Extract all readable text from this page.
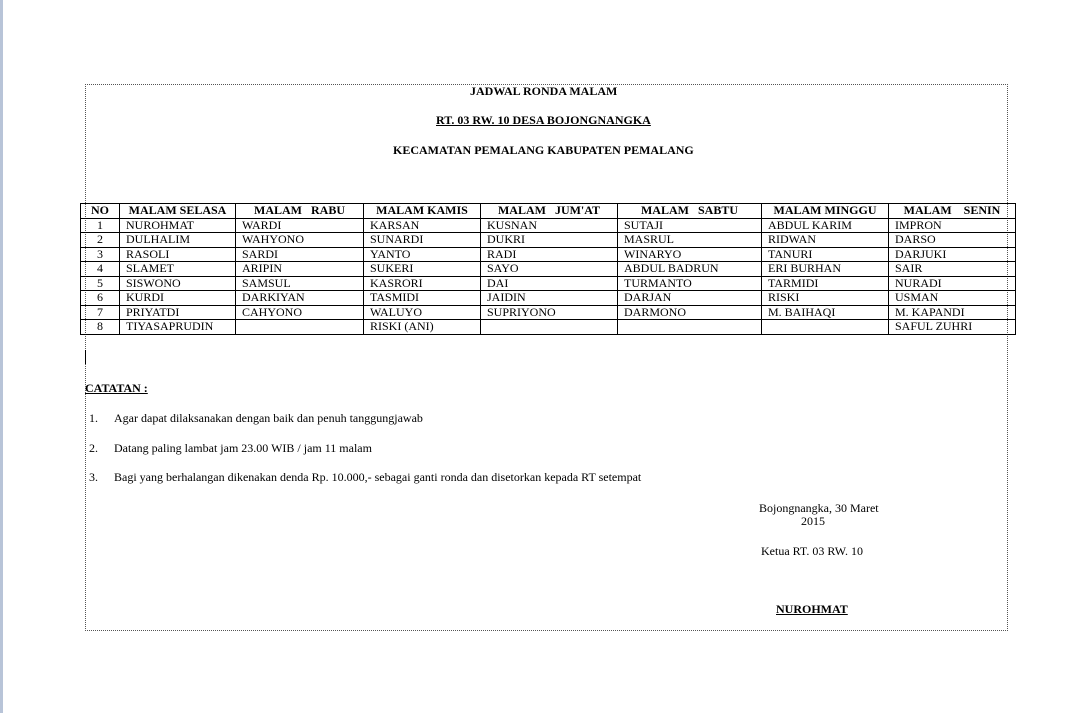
JADWAL RONDA MALAM
RT. 03 RW. 10 DESA BOJONGNANGKA
KECAMATAN PEMALANG KABUPATEN PEMALANG
NO	MALAM SELASA	MALAM   RABU	MALAM KAMIS	MALAM   JUM'AT	MALAM   SABTU	MALAM MINGGU	MALAM    SENIN
1	NUROHMAT	WARDI	KARSAN	KUSNAN	SUTAJI	ABDUL KARIM	IMPRON
2	DULHALIM	WAHYONO	SUNARDI	DUKRI	MASRUL	RIDWAN	DARSO
3	RASOLI	SARDI	YANTO	RADI	WINARYO	TANURI	DARJUKI
4	SLAMET	ARIPIN	SUKERI	SAYO	ABDUL BADRUN	ERI BURHAN	SAIR
5	SISWONO	SAMSUL	KASRORI	DAI	TURMANTO	TARMIDI	NURADI
6	KURDI	DARKIYAN	TASMIDI	JAIDIN	DARJAN	RISKI	USMAN
7	PRIYATDI	CAHYONO	WALUYO	SUPRIYONO	DARMONO	M. BAIHAQI	M. KAPANDI
8	TIYASAPRUDIN		RISKI (ANI)				SAFUL ZUHRI
CATATAN :
1. Agar dapat dilaksanakan dengan baik dan penuh tanggungjawab
2. Datang paling lambat jam 23.00 WIB / jam 11 malam
3. Bagi yang berhalangan dikenakan denda Rp. 10.000,- sebagai ganti ronda dan disetorkan kepada RT setempat
Bojongnangka, 30 Maret
2015
Ketua RT. 03 RW. 10
NUROHMAT
